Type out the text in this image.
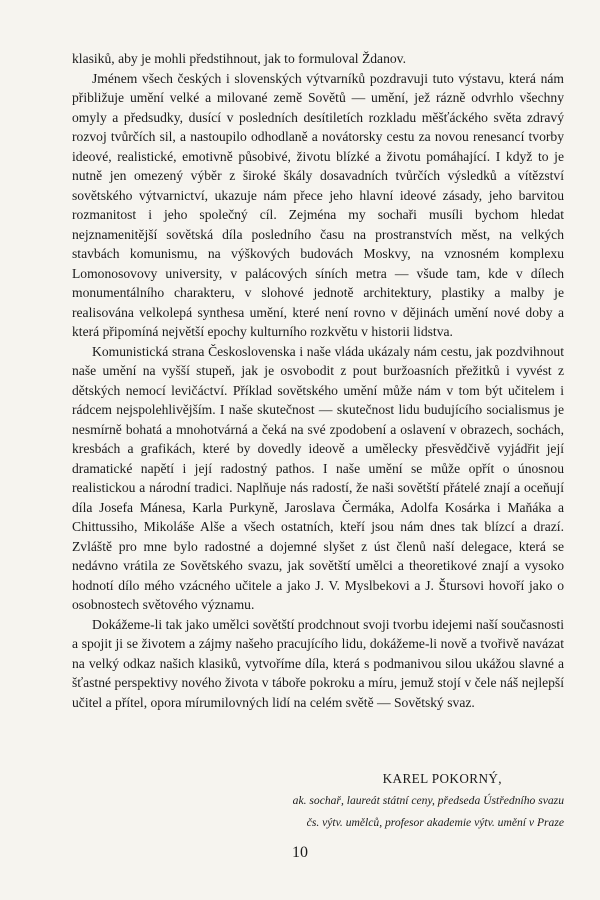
klasiků, aby je mohli předstihnout, jak to formuloval Ždanov.

Jménem všech českých i slovenských výtvarníků pozdravuji tuto výstavu, která nám přibližuje umění velké a milované země Sovětů — umění, jež rázně odvrhlo všechny omyly a předsudky, dusící v posledních desítiletích rozkladu měšťáckého světa zdravý rozvoj tvůrčích sil, a nastoupilo odhodlaně a novátorsky cestu za novou renesancí tvorby ideové, realistické, emotivně působivé, životu blízké a životu pomáhající. I když to je nutně jen omezený výběr z široké škály dosavadních tvůrčích výsledků a vítězství sovětského výtvarnictví, ukazuje nám přece jeho hlavní ideové zásady, jeho barvitou rozmanitost i jeho společný cíl. Zejména my sochaři musíli bychom hledat nejznamenitější sovětská díla posledního času na prostranstvích měst, na velkých stavbách komunismu, na výškových budovách Moskvy, na vznosném komplexu Lomonosovovy university, v palácových síních metra — všude tam, kde v dílech monumentálního charakteru, v slohové jednotě architektury, plastiky a malby je realisována velkolepá synthesa umění, které není rovno v dějinách umění nové doby a která připomíná největší epochy kulturního rozkvětu v historii lidstva.

Komunistická strana Československa i naše vláda ukázaly nám cestu, jak pozdvihnout naše umění na vyšší stupeň, jak je osvobodit z pout buržoasních přežitků i vyvést z dětských nemocí levičáctví. Příklad sovětského umění může nám v tom být učitelem i rádcem nejspolehlivějším. I naše skutečnost — skutečnost lidu budujícího socialismus je nesmírně bohatá a mnohotvárná a čeká na své zpodobení a oslavení v obrazech, sochách, kresbách a grafikách, které by dovedly ideově a umělecky přesvědčivě vyjádřit její dramatické napětí i její radostný pathos. I naše umění se může opřít o únosnou realistickou a národní tradici. Naplňuje nás radostí, že naši sovětští přátelé znají a oceňují díla Josefa Mánesa, Karla Purkyně, Jaroslava Čermáka, Adolfa Kosárka i Maňáka a Chittussiho, Mikoláše Alše a všech ostatních, kteří jsou nám dnes tak blízcí a drazí. Zvláště pro mne bylo radostné a dojemné slyšet z úst členů naší delegace, která se nedávno vrátila ze Sovětského svazu, jak sovětští umělci a theoretikové znají a vysoko hodnotí dílo mého vzácného učitele a jako J. V. Myslbekovi a J. Štursovi hovoří jako o osobnostech světového významu.

Dokážeme-li tak jako umělci sovětští prodchnout svoji tvorbu idejemi naší současnosti a spojit ji se životem a zájmy našeho pracujícího lidu, dokážeme-li nově a tvořivě navázat na velký odkaz našich klasiků, vytvoříme díla, která s podmanivou silou ukážou slavné a šťastné perspektivy nového života v táboře pokroku a míru, jemuž stojí v čele náš nejlepší učitel a přítel, opora mírumilovných lidí na celém světě — Sovětský svaz.

KAREL POKORNÝ,
ak. sochař, laureát státní ceny, předseda Ústředního svazu
čs. výtv. umělců, profesor akademie výtv. umění v Praze
10
